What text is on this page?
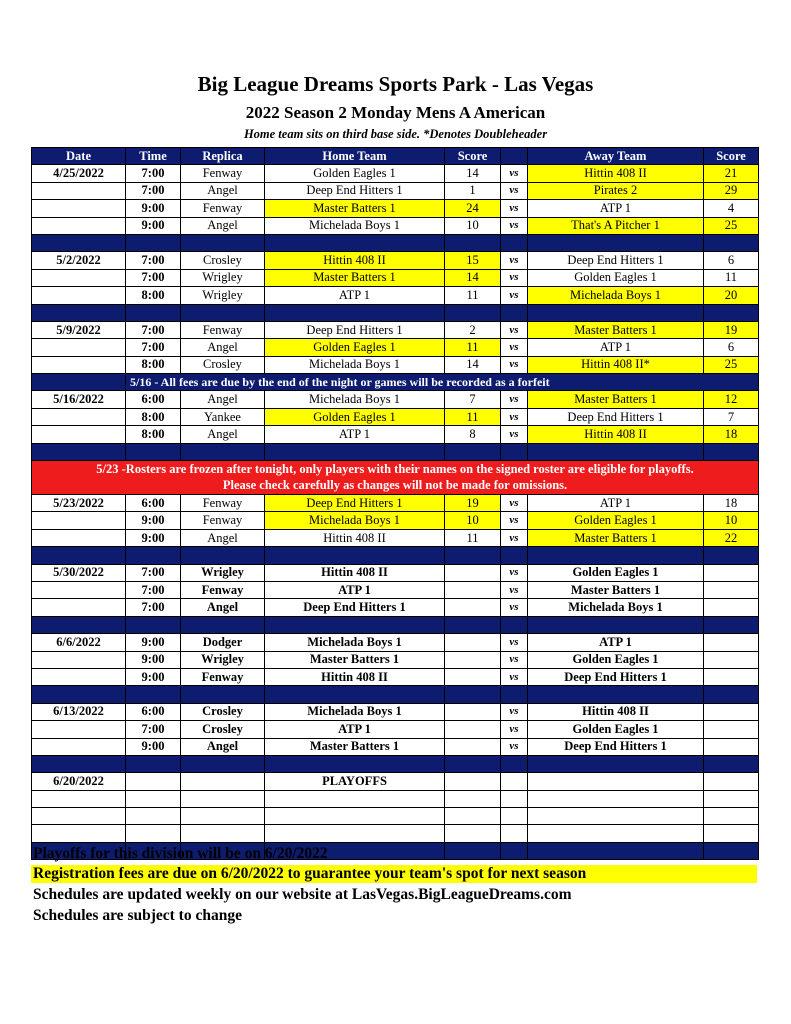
Big League Dreams Sports Park - Las Vegas
2022 Season 2 Monday Mens A American
Home team sits on third base side. *Denotes Doubleheader
Date	Time	Replica	Home Team	Score		Away Team	Score
4/25/2022	7:00	Fenway	Golden Eagles 1	14	vs	Hittin 408 II	21
	7:00	Angel	Deep End Hitters 1	1	vs	Pirates 2	29
	9:00	Fenway	Master Batters 1	24	vs	ATP 1	4
	9:00	Angel	Michelada Boys 1	10	vs	That's A Pitcher 1	25

5/2/2022	7:00	Crosley	Hittin 408 II	15	vs	Deep End Hitters 1	6
	7:00	Wrigley	Master Batters 1	14	vs	Golden Eagles 1	11
	8:00	Wrigley	ATP 1	11	vs	Michelada Boys 1	20

5/9/2022	7:00	Fenway	Deep End Hitters 1	2	vs	Master Batters 1	19
	7:00	Angel	Golden Eagles 1	11	vs	ATP 1	6
	8:00	Crosley	Michelada Boys 1	14	vs	Hittin 408 II*	25
	5/16 - All fees are due by the end of the night or games will be recorded as a forfeit						
5/16/2022	6:00	Angel	Michelada Boys 1	7	vs	Master Batters 1	12
	8:00	Yankee	Golden Eagles 1	11	vs	Deep End Hitters 1	7
	8:00	Angel	ATP 1	8	vs	Hittin 408 II	18

5/23 -Rosters are frozen after tonight, only players with their names on the signed roster are eligible for playoffs.
Please check carefully as changes will not be made for omissions.							

5/23/2022	6:00	Fenway	Deep End Hitters 1	19	vs	ATP 1	18
	9:00	Fenway	Michelada Boys 1	10	vs	Golden Eagles 1	10
	9:00	Angel	Hittin 408 II	11	vs	Master Batters 1	22

5/30/2022	7:00	Wrigley	Hittin 408 II		vs	Golden Eagles 1	
	7:00	Fenway	ATP 1		vs	Master Batters 1	
	7:00	Angel	Deep End Hitters 1		vs	Michelada Boys 1	

6/6/2022	9:00	Dodger	Michelada Boys 1		vs	ATP 1	
	9:00	Wrigley	Master Batters 1		vs	Golden Eagles 1	
	9:00	Fenway	Hittin 408 II		vs	Deep End Hitters 1	

6/13/2022	6:00	Crosley	Michelada Boys 1		vs	Hittin 408 II	
	7:00	Crosley	ATP 1		vs	Golden Eagles 1	
	9:00	Angel	Master Batters 1		vs	Deep End Hitters 1	

6/20/2022			PLAYOFFS				

Playoffs for this division will be on 6/20/2022
Registration fees are due on 6/20/2022 to guarantee your team's spot for next season
Schedules are updated weekly on our website at LasVegas.BigLeagueDreams.com
Schedules are subject to change
